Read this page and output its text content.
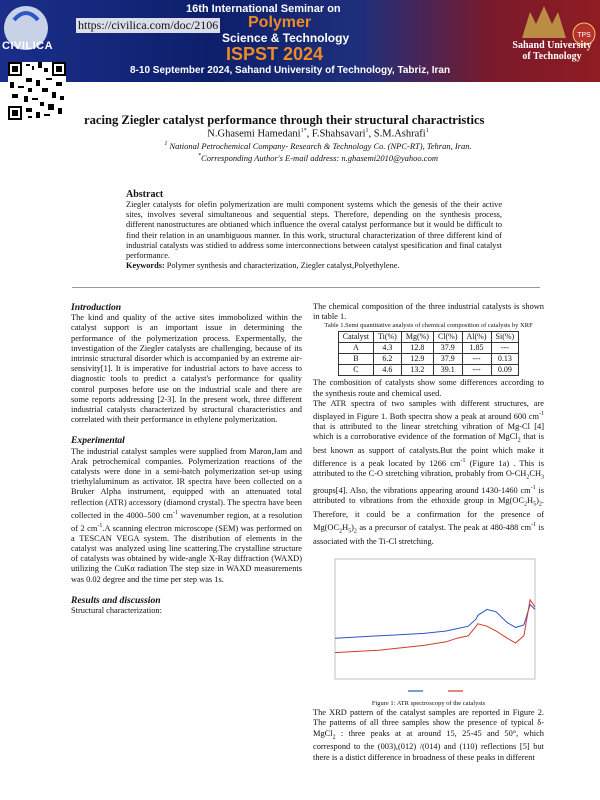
CIVILICA
16th International Seminar on
Polymer
Science & Technology
ISPST 2024
8-10 September 2024, Sahand University of Technology, Tabriz, Iran
TPS
Sahand University of Technology
https://civilica.com/doc/2106
racing Ziegler catalyst performance through their structural charactristics
N.Ghasemi Hamedani$^{1*}$, F.Shahsavari$^1$, S.M.Ashrafi$^1$
$^1$ National Petrochemical Company- Research & Technology Co. (NPC-RT), Tehran, Iran.
*Corresponding Author's E-mail address: n.ghasemi2010@yahoo.com
Abstract
Ziegler catalysts for olefin polymerization are multi component systems which the genesis of the their active sites, involves several simultaneous and sequential steps. Therefore, depending on the synthesis process, different nanostructures are obtianed which influence the overal catalyst performance but it would be difficult to find their relation in an unambiguous manner. In this work, structural characterization of three different kind of industrial catalysts was stidied to address some interconnections between catalyst spesification and final catalyst performance.
Keywords: Polymer synthesis and characterization, Ziegler catalyst,Polyethylene.
Introduction

The kind and quality of the active sites immobolized within the catalyst support is an important issue in determining the performance of the polymerization process. Expermentally, the investigation of the Ziegler catalysts are challenging, because of its intrinsic structural disorder which is accompanied by an extreme air- sensivity[1]. It is imperative for industrial actors to have access to diagnostic tools to predict a catalyst's performance for quality control purposes before use on the industrial scale and there are some reports addressing [2-3]. In the present work, three different industrial catalysts characterized by structural characteristics and correlated with their performance in ethylene polymerization.

Experimental

The industrial catalyst samples were supplied from Maron,Jam and Arak petrochemical companies. Polymerization reactions of the catalysts were done in a semi-batch polymerization set-up using triethylaluminum as activator. IR spectra have been collected on a Bruker Alpha instrument, equipped with an attenuated total reflection (ATR) accessory (diamond crystal). The spectra have been collected in the 4000–500 $cm^{-1}$ wavenumber region, at a resolution of 2 $cm^{-1}.A$ scanning electron microscope (SEM) was performed on a TESCAN VEGA system. The distribution of elements in the catalyst was analyzed using line scattering.The crystalline structure of catalysts was obtained by wide-angle X-Ray diffraction (WAXD) utilizing the CuKα radiation The step size in WAXD measurements was 0.02 degree and the time per step was 1s.

Results and discussion

Structural characterization:

The chemical composition of the three industrial catalysts is shown in table 1.

Table 1.Semi quantitative analysis of chemical composition of catalysts by XRF
Catalyst	Ti(%)	Mg(%)	Cl(%)	Al(%)	Si(%)
A	4.3	12.8	37.9	1.85	---
B	6.2	12.9	37.9	---	0.13
C	4.6	13.2	39.1	---	0.09

The combosition of catalysts show some differences according to the synthesis route and chemical used.

The ATR spectra of two samples with different structures, are displayed in Figure 1. Both spectra show a peak at around 600 $cm^{-1}$ that is attributed to the linear stretching vibration of Mg-Cl [4] which is a corroborative evidence of the formation of MgCl$_2$ that is best known as support of catalysts.But the point which make it difference is a peak located by 1266 $cm^{-1}$ (Figure 1a) . This is attributed to the C-O stretching vibration, probably from $O-CH_2CH_3$ groups[4]. Also, the vibrations appearing around 1430-1460 $cm^{-1}$ is attributed to vibrations from the ethoxide group in $Mg(OC_2H_5)_2$. Therefore, it could be a confirmation for the presence of $Mg(OC_2H_5)_2$ as a precursor of catalyst. The peak at 480-488 $cm^{-1}$ is associated with the Ti-Cl stretching.

Figure 1: ATR spectroscopy of the catalysts

The XRD pattern of the catalyst samples are reported in Figure 2. The patterns of all three samples show the presence of typical δ-MgCl$_2$ : three peaks at at around 15, 25-45 and 50°, which correspond to the (003),(012) /(014) and (110) reflections [5] but there is a distict difference in broadness of these peaks in different
